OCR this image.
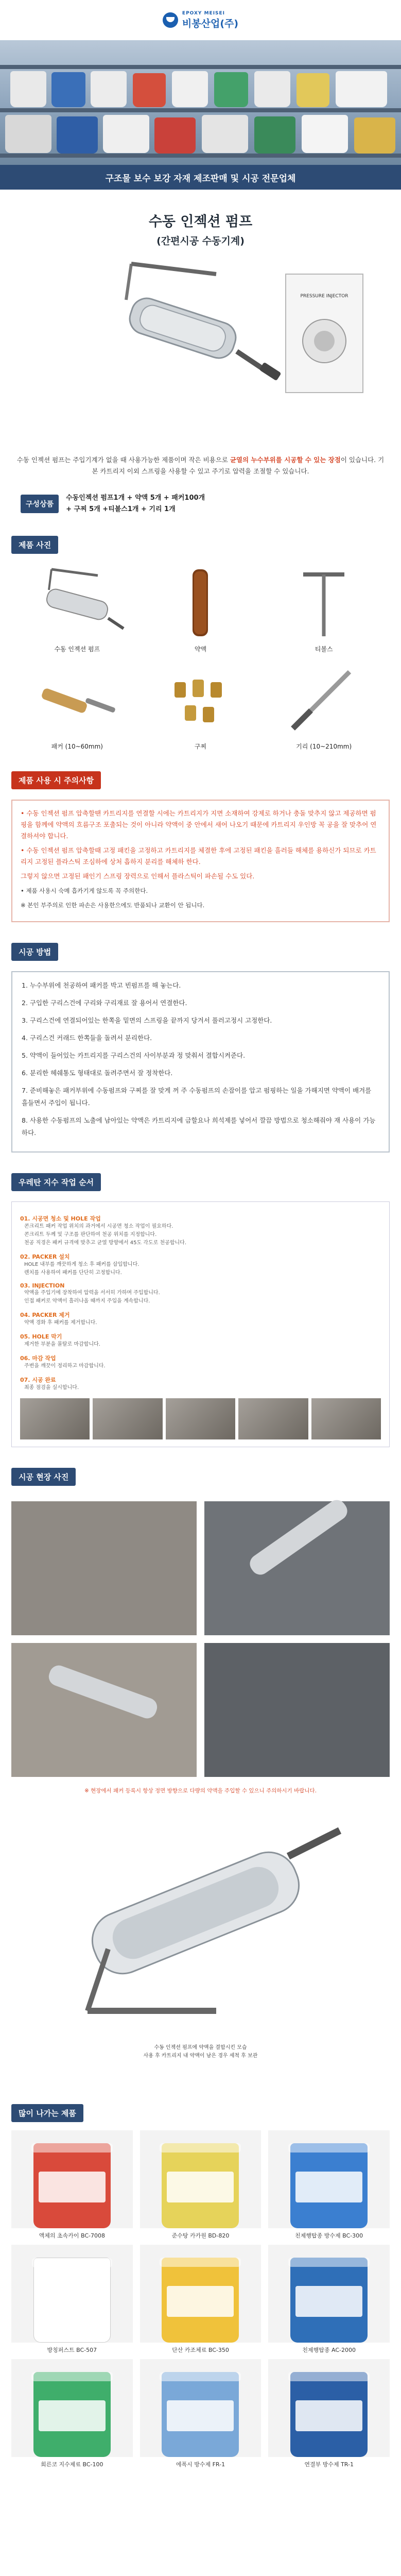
EPOXY MEISEI
비봉산업(주)
구조물 보수 보강 자재 제조판매 및 시공 전문업체
수동 인젝션 펌프
(간편시공 수동기계)
PRESSURE INJECTOR
수동 인젝션 펌프는 주입기계가 없을 때 사용가능한 제품이며 작은 비용으로 균열의 누수부위를 시공할 수 있는 장점이 있습니다. 기본 카트리지 이외 스프링을 사용할 수 있고 주기로 압력을 조절할 수 있습니다.
구성상품
수동인젝션 펌프1개 + 약액 5개 + 패커100개
+ 구찌 5개 +티볼스1개 + 기리 1개
제품 사진
수동 인젝션 펌프	약액	티볼스
패커 (10~60mm)	구찌	기리 (10~210mm)
제품 사용 시 주의사항
• 수동 인젝션 펌프 압축할땐 카트리지를 연결할 시에는 카트리지가 지면 소재하여 강제로 하거나 충돌 맞추지 않고 제공하면 펌핑을 함께에 약액의 흐름구조 포출되는 것이 아니라 약액이 중 안에서 새어 나오기 때문에 카트리지 우인방 꼭 공을 잘 맞추어 연결하셔야 합니다.
• 수동 인젝션 펌프 압축할때 고정 패킨을 고정하고 카트리지를 체결한 후에 고정된 패킨을 흘러들 해체를 용하신가 되므로 카트리지 고정된 플라스틱 조심하에 상처 흡하지 분리를 해체하 한다.
그렇지 않으면 고정된 패인기 스프링 장력으로 인해서 플라스틱이 파손될 수도 있다.
• 제품 사용시 숙메 흡카기게 않도록 꼭 주의한다.
※ 본인 부주의로 인한 파손은 사용한으에도 반품되나 교환이 안 됩니다.
시공 방법
1. 누수부위에 천공하여 패커를 박고 빈펌프를 해 놓는다.
2. 구입한 구리스건에 구리와 구리재료 잘 용어서 연결한다.
3. 구리스건에 연결되어있는 한쪽을 밑면의 스프링을 끝까지 당겨서 풀러고정시 고정한다.
4. 구리스건 커래드 한쪽들을 돌려서 분리한다.
5. 약액이 들어있는 카트리지를 구리스건의 사이부분과 정 맞춰서 결합시켜준다.
6. 분리한 헤쉐통도 형태대로 돌려주면서 잘 정착한다.
7. 준비해놓은 패커부위에 수동펌프와 구찌를 잘 맞게 꺼 주 수동펌프의 손잡이를 압고 펌핑하는 일을 가해지면 약액이 배겨를 흘들면서 주입이 됩니다.
8. 사용한 수동펌프의 노출에 남아있는 약액은 카트리지에 금할요나 희석제를 넣어서 깔끔 방법으로 청소해줘야 재 사용이 가능하다.
우레탄 지수 작업 순서
01. 시공면 청소 및 HOLE 작업
콘크리트 패커 작업 위치의 과거에서 시공면 청소 작업이 필요하다.
콘크리트 두께 및 구조를 판단하여 천공 위치를 지정합니다.
천공 직경은 패커 규격에 맞추고 균열 방향에서 45도 각도로 천공합니다.
02. PACKER 설치
HOLE 내부를 깨끗하게 청소 후 패커를 삽입합니다.
렌치를 사용하여 패커를 단단히 고정합니다.
03. INJECTION
약액을 주입기에 장착하여 압력을 서서히 가하며 주입합니다.
인접 패커로 약액이 흘러나올 때까지 주입을 계속합니다.
04. PACKER 제거
약액 경화 후 패커를 제거합니다.
05. HOLE 막기
제거한 부분을 몰탈로 마감합니다.
06. 마감 작업
주변을 깨끗이 정리하고 마감합니다.
07. 시공 완료
최종 점검을 실시합니다.
시공 현장 사진
※ 현장에서 패커 등록시 항상 정면 방향으로 다량의 약액을 주입할 수 있으니 주의하시기 바랍니다.
수동 인젝션 펌프에 약액을 결합시킨 모습
사용 후 카트리지 내 약액이 남은 경우 세척 후 보관
많이 나가는 제품
액체의 초속카이 BC-7008	준수탕 카카원 BD-820	친제행탑종 방수제 BC-300
방칭퍼스트 BC-507	단산 카조체료 BC-350	친제행탑종 AC-2000
회른코 지수제료 BC-100	에폭시 방수제 FR-1	연결부 방수제 TR-1
